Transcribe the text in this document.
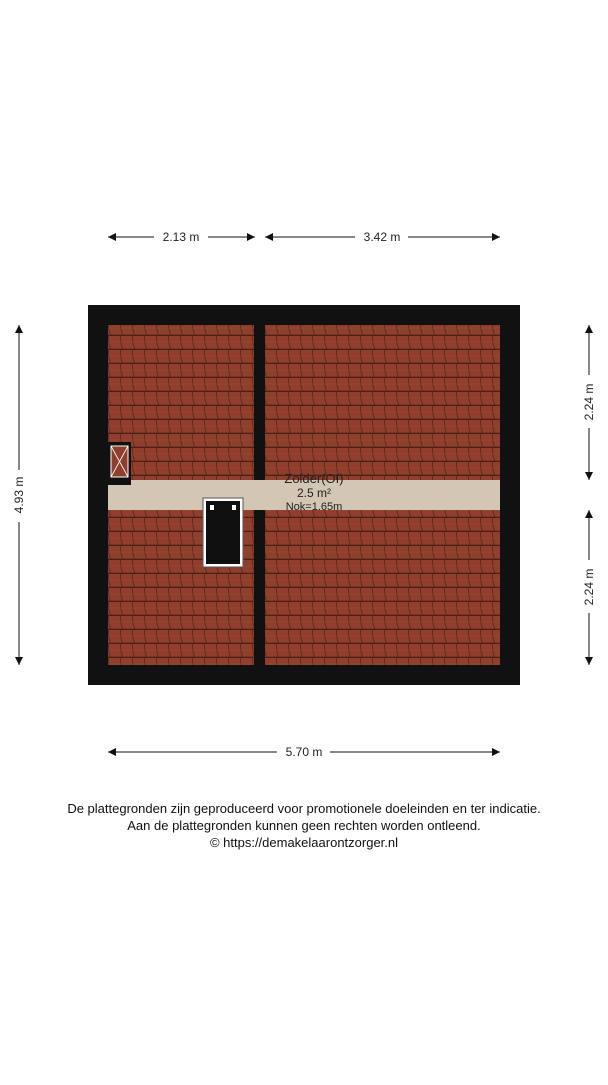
Zolder(OI)
2.5 m²
Nok=1.65m
2.13 m	3.42 m
4.93 m
2.24 m
2.24 m
5.70 m
De plattegronden zijn geproduceerd voor promotionele doeleinden en ter indicatie.
Aan de plattegronden kunnen geen rechten worden ontleend.
© https://demakelaarontzorger.nl
